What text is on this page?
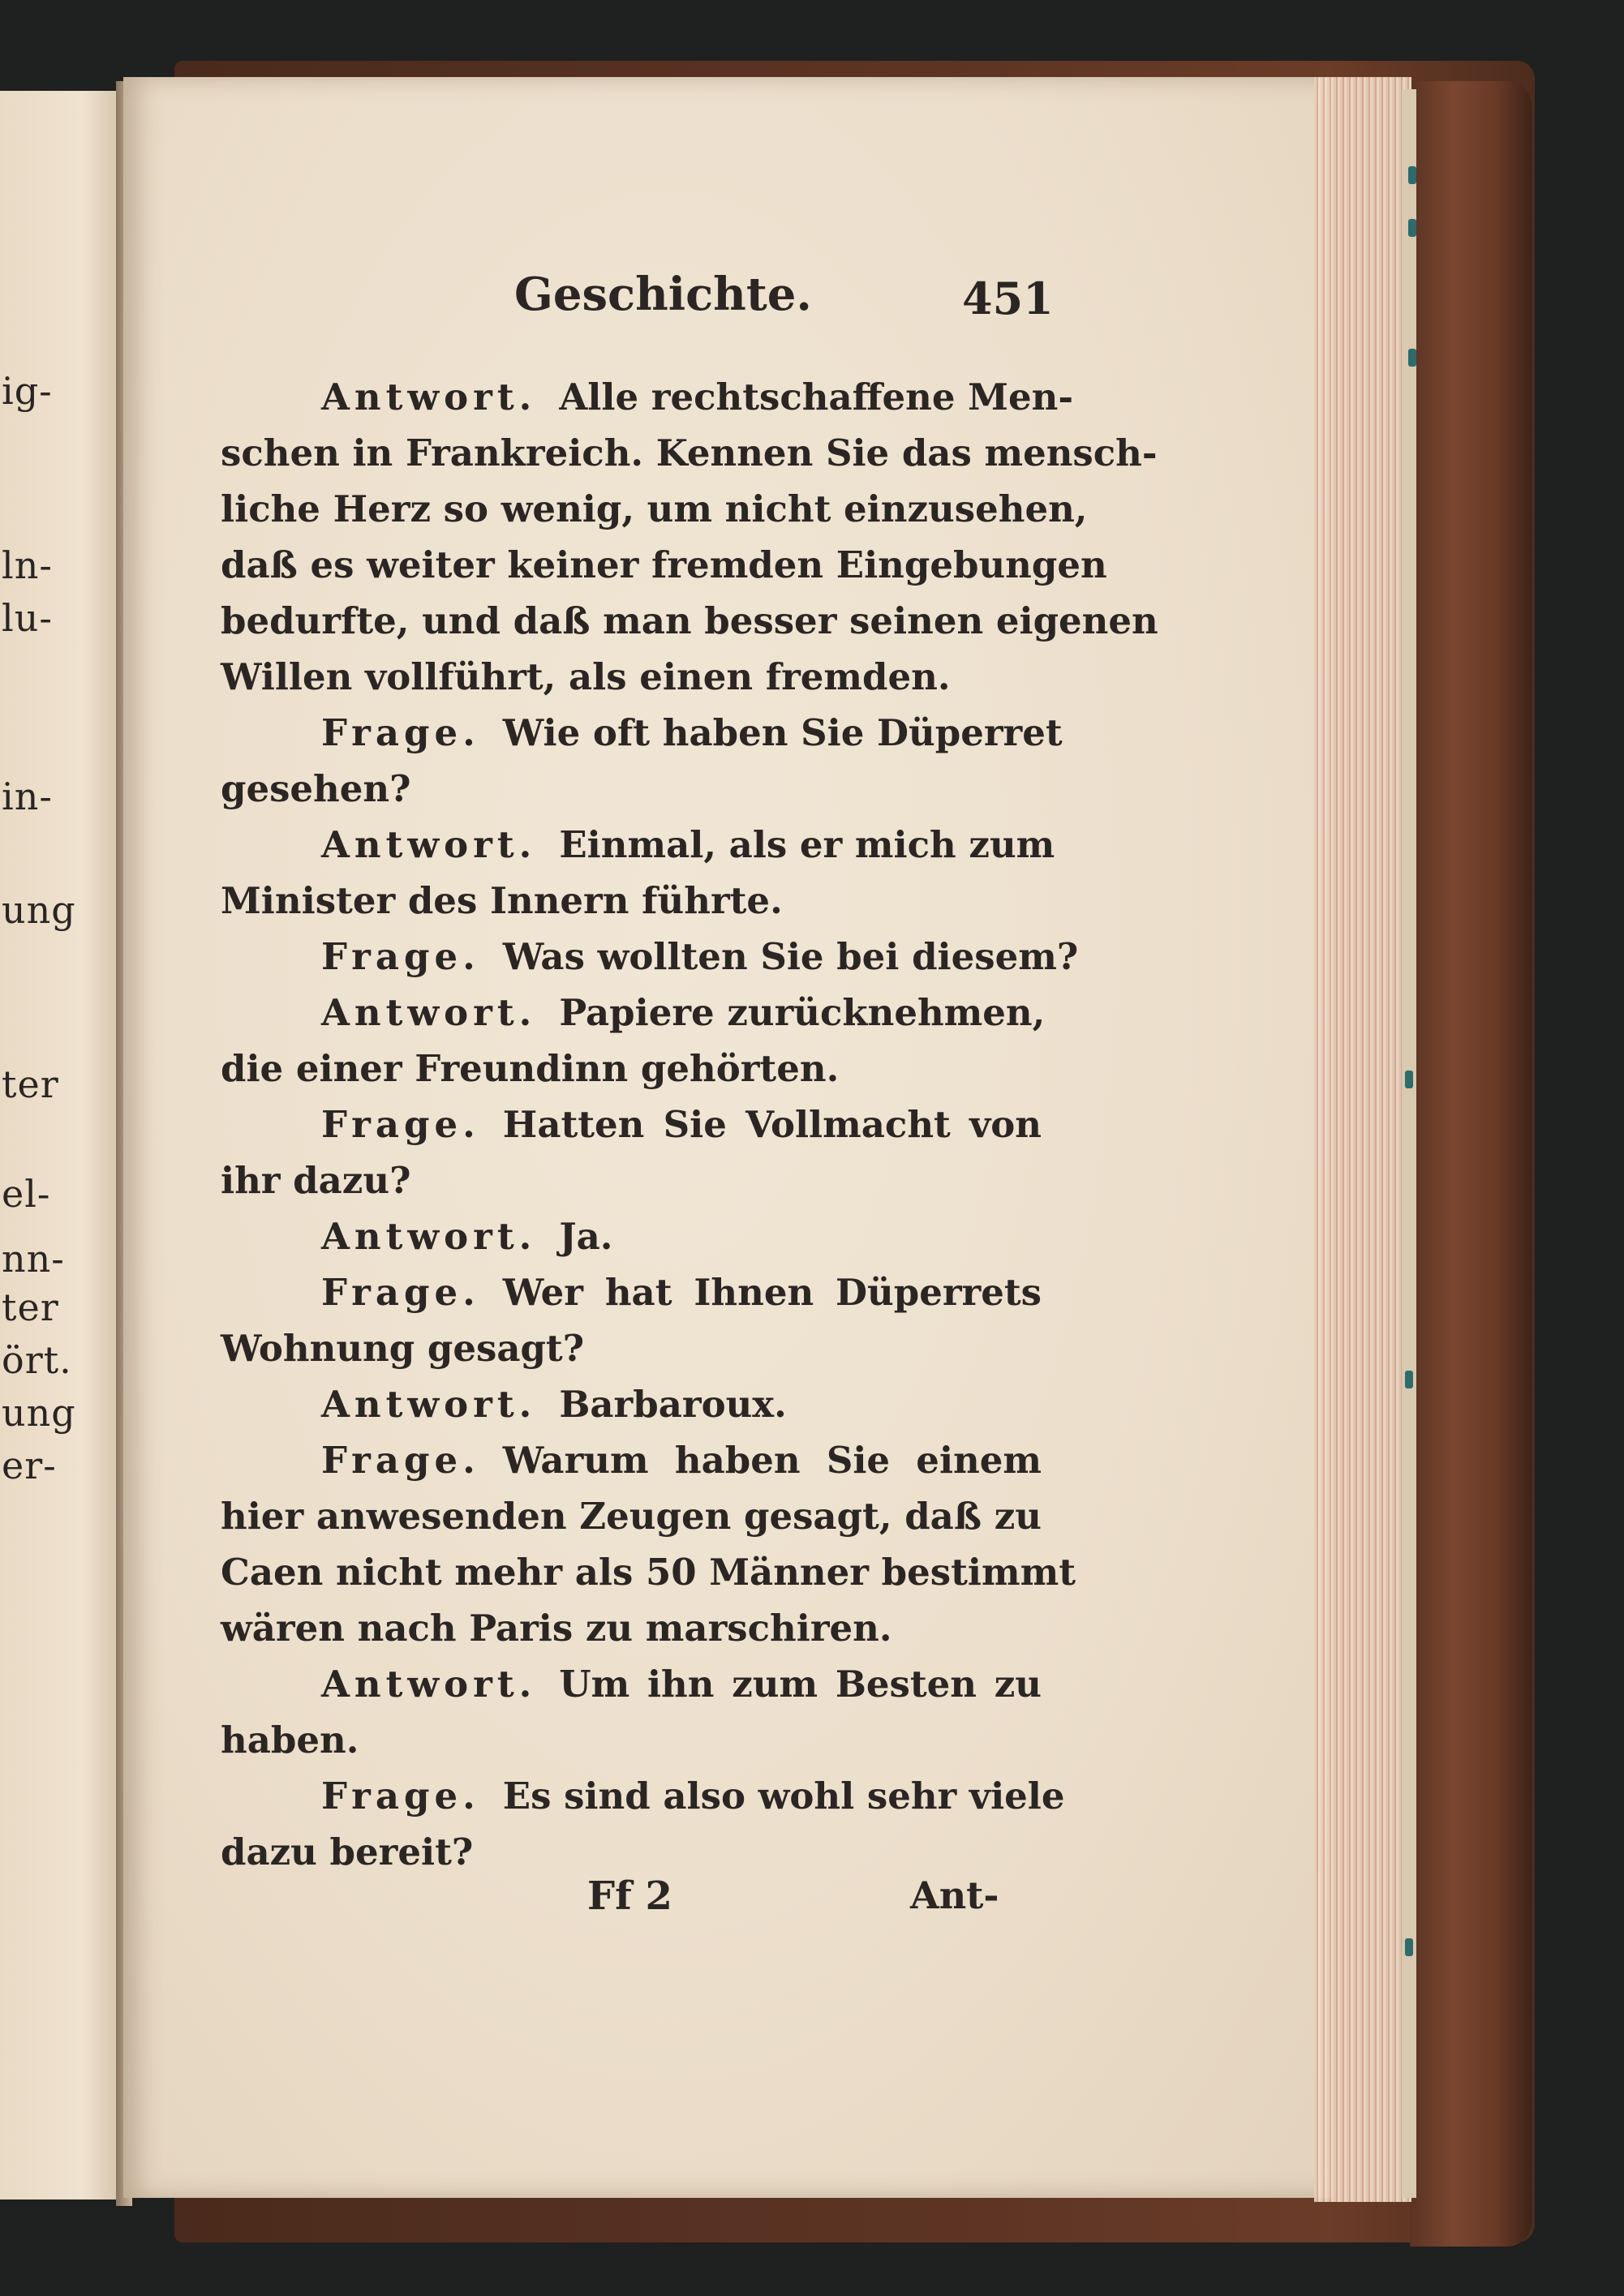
ig-
ln-
lu-
in-
ung
ter
el-
nn-
ter
ört.
ung
er-
Geschichte.	451
Antwort. Alle rechtschaffene Men-
schen in Frankreich. Kennen Sie das mensch-
liche Herz so wenig, um nicht einzusehen,
daß es weiter keiner fremden Eingebungen
bedurfte, und daß man besser seinen eigenen
Willen vollführt, als einen fremden.
Frage. Wie oft haben Sie Düperret
gesehen?
Antwort. Einmal, als er mich zum
Minister des Innern führte.
Frage. Was wollten Sie bei diesem?
Antwort. Papiere zurücknehmen,
die einer Freundinn gehörten.
Frage. Hatten Sie Vollmacht von
ihr dazu?
Antwort. Ja.
Frage. Wer hat Ihnen Düperrets
Wohnung gesagt?
Antwort. Barbaroux.
Frage. Warum haben Sie einem
hier anwesenden Zeugen gesagt, daß zu
Caen nicht mehr als 50 Männer bestimmt
wären nach Paris zu marschiren.
Antwort. Um ihn zum Besten zu
haben.
Frage. Es sind also wohl sehr viele
dazu bereit?
Ff 2	Ant-
